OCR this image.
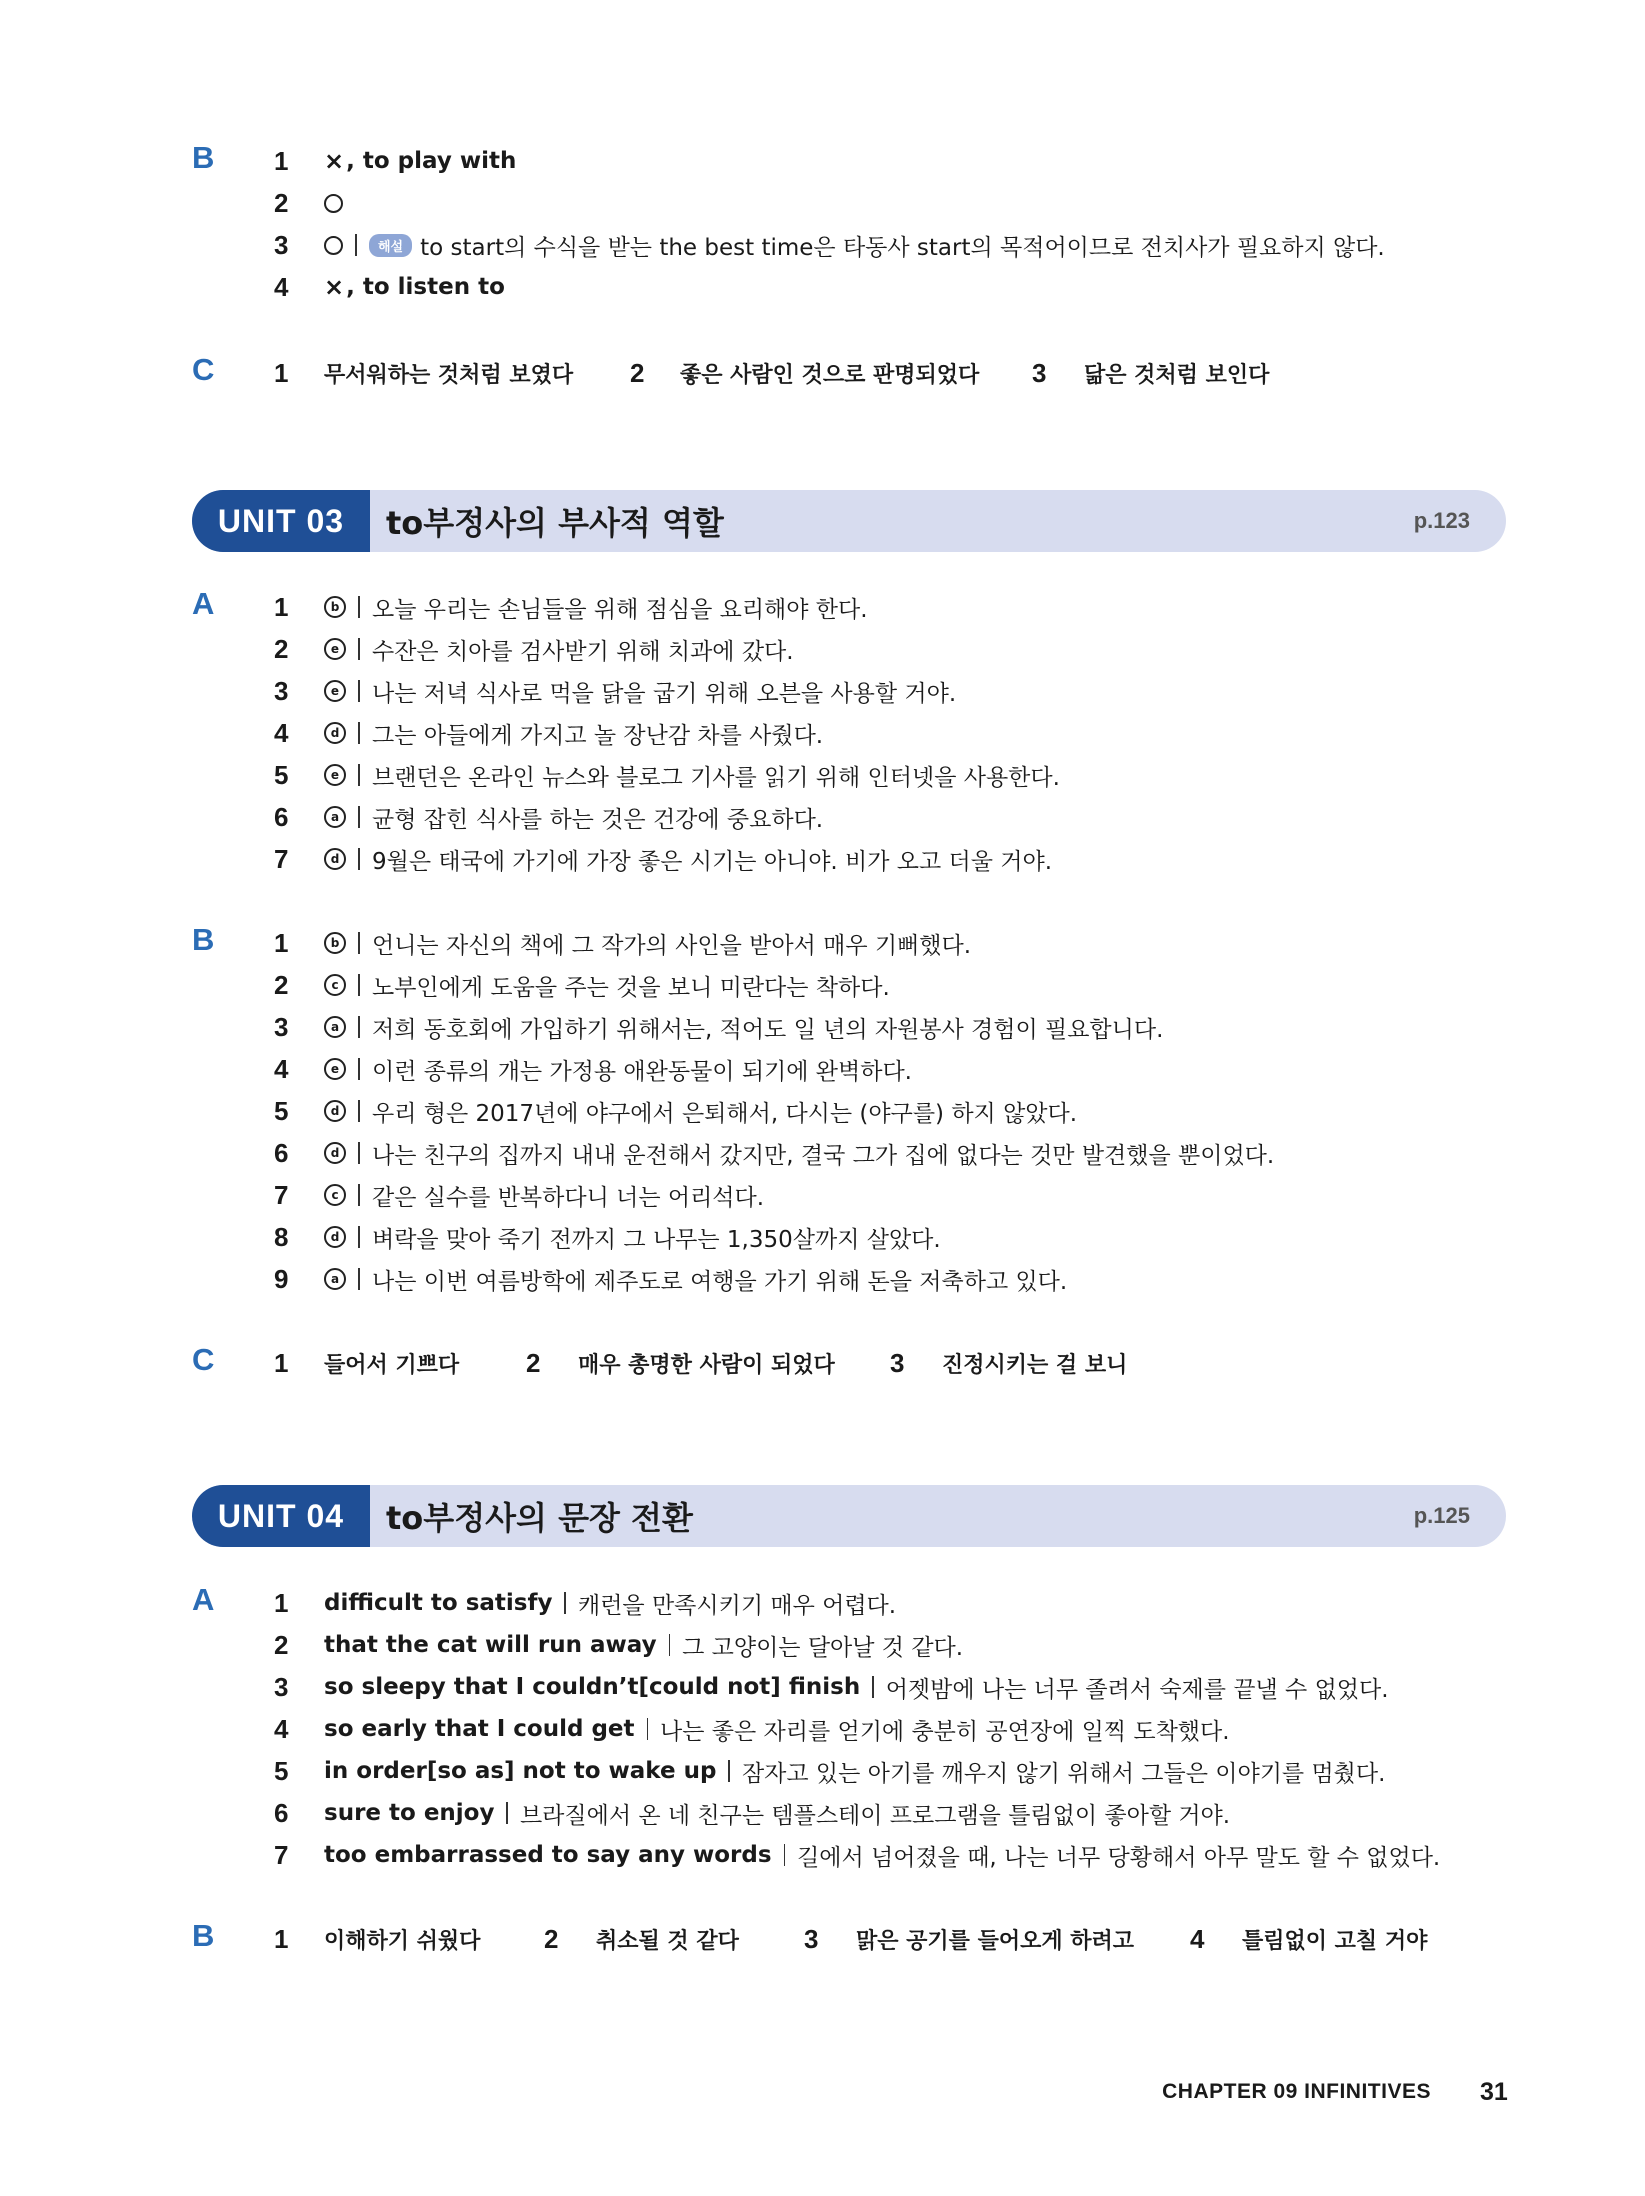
B 1	× , to play with
2
3	해설 to start의 수식을 받는 the best time은 타동사 start의 목적어이므로 전치사가 필요하지 않다.
4	× , to listen to
C 1	무서워하는 것처럼 보였다 2	좋은 사람인 것으로 판명되었다 3	닮은 것처럼 보인다
UNIT 03	to부정사의 부사적 역할	p.123
A 1	b 오늘 우리는 손님들을 위해 점심을 요리해야 한다.
2	e	수잔은 치아를 검사받기 위해 치과에 갔다.
3	e	나는 저녁 식사로 먹을 닭을 굽기 위해 오븐을 사용할 거야.
4	d 그는 아들에게 가지고 놀 장난감 차를 사줬다.
5	e	브랜던은 온라인 뉴스와 블로그 기사를 읽기 위해 인터넷을 사용한다.
6	a	균형 잡힌 식사를 하는 것은 건강에 중요하다.
7	d 9월은 태국에 가기에 가장 좋은 시기는 아니야. 비가 오고 더울 거야.
B 1	b 언니는 자신의 책에 그 작가의 사인을 받아서 매우 기뻐했다.
2	c	노부인에게 도움을 주는 것을 보니 미란다는 착하다.
3	a	저희 동호회에 가입하기 위해서는, 적어도 일 년의 자원봉사 경험이 필요합니다.
4	e	이런 종류의 개는 가정용 애완동물이 되기에 완벽하다.
5	d 우리 형은 2017년에 야구에서 은퇴해서, 다시는 (야구를) 하지 않았다.
6	d 나는 친구의 집까지 내내 운전해서 갔지만, 결국 그가 집에 없다는 것만 발견했을 뿐이었다.
7	c	같은 실수를 반복하다니 너는 어리석다.
8	d 벼락을 맞아 죽기 전까지 그 나무는 1,350살까지 살았다.
9	a	나는 이번 여름방학에 제주도로 여행을 가기 위해 돈을 저축하고 있다.
C 1	들어서 기쁘다	2	매우 총명한 사람이 되었다 3	진정시키는 걸 보니
UNIT 04	to부정사의 문장 전환	p.125
A 1	difficult to satisfy 캐런을 만족시키기 매우 어렵다.
2	that the cat will run away 그 고양이는 달아날 것 같다.
3	so sleepy that I couldn’t[could not] finish 어젯밤에 나는 너무 졸려서 숙제를 끝낼 수 없었다.
4	so early that I could get 나는 좋은 자리를 얻기에 충분히 공연장에 일찍 도착했다.
5	in order[so as] not to wake up 잠자고 있는 아기를 깨우지 않기 위해서 그들은 이야기를 멈췄다.
6	sure to enjoy 브라질에서 온 네 친구는 템플스테이 프로그램을 틀림없이 좋아할 거야.
7	too embarrassed to say any words 길에서 넘어졌을 때, 나는 너무 당황해서 아무 말도 할 수 없었다.
B 1	이해하기 쉬웠다 2	취소될 것 같다	3	맑은 공기를 들어오게 하려고 4	틀림없이 고칠 거야
CHAPTER 09 INFINITIVES 31
